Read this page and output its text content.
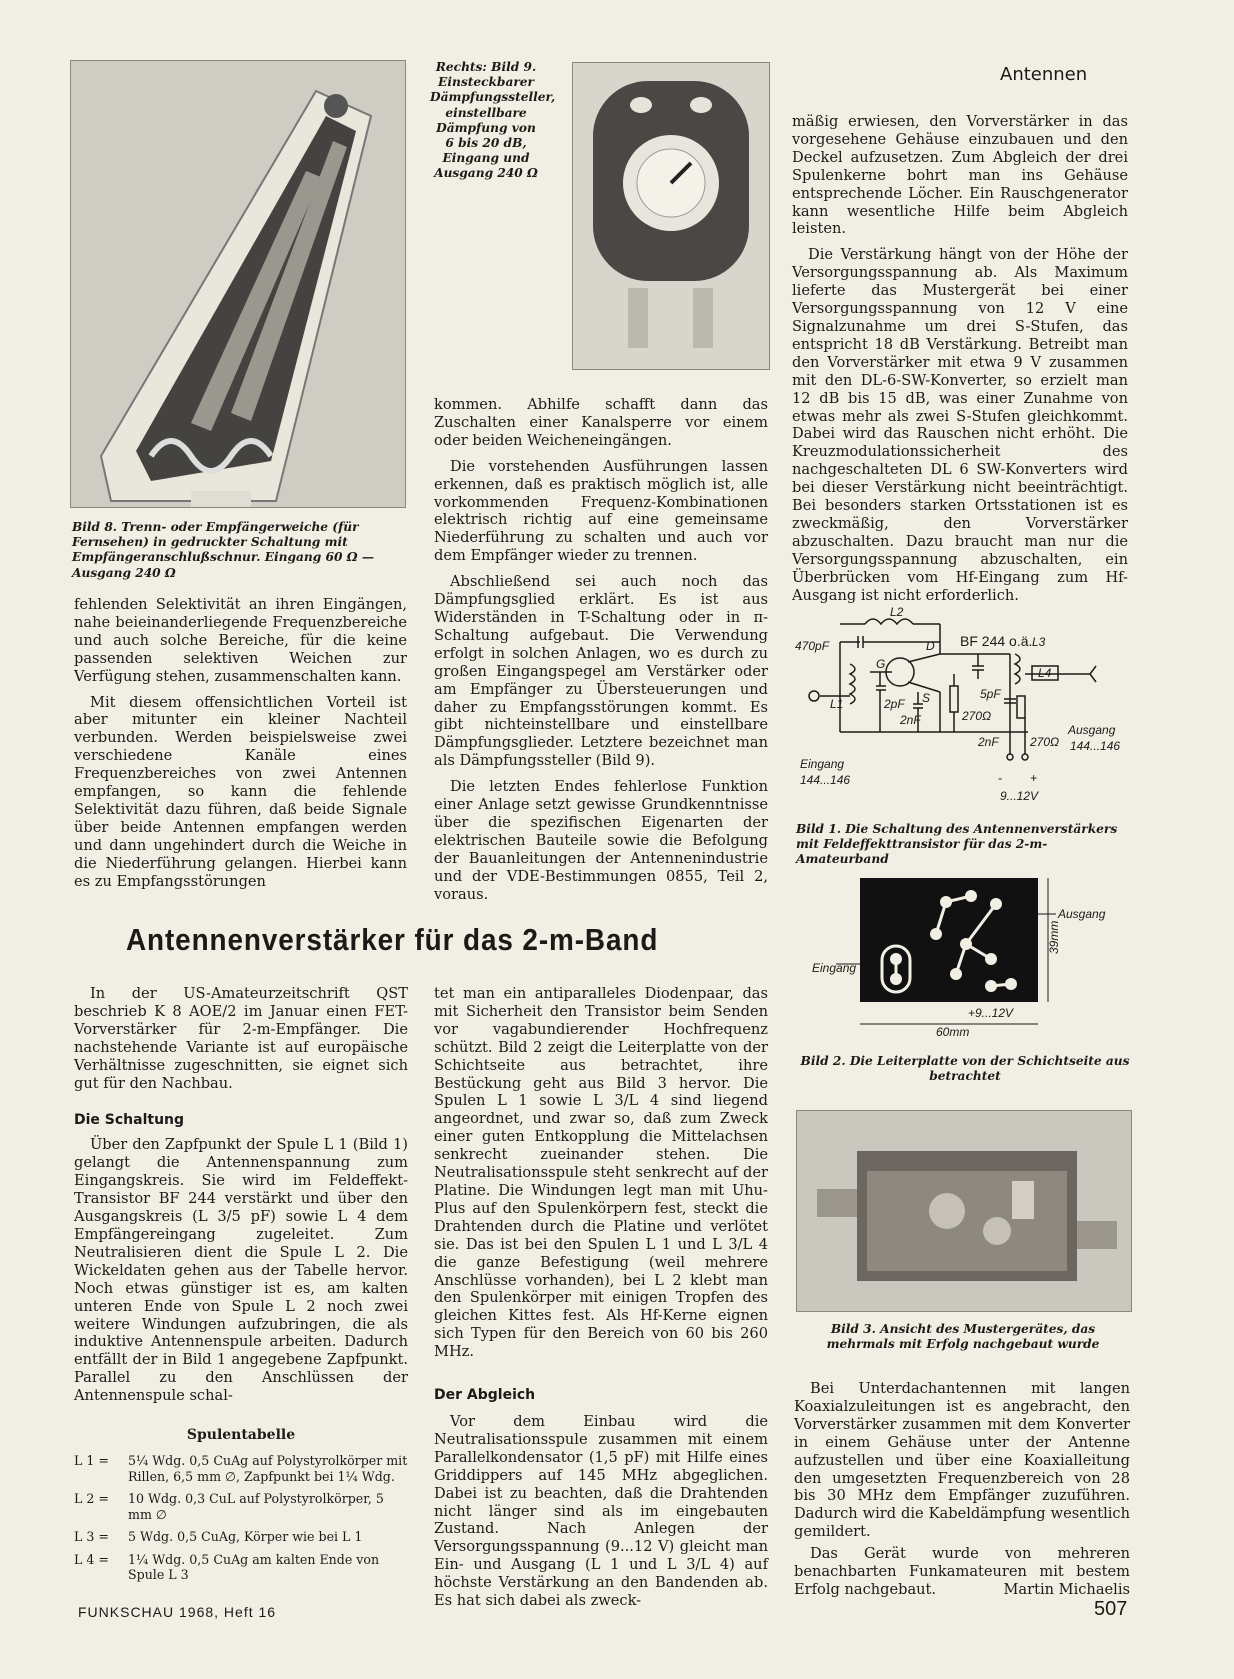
Antennen

Bild 8. Trenn- oder Empfängerweiche (für Fernsehen) in gedruckter Schaltung mit Empfängeranschlußschnur. Eingang 60 Ω — Ausgang 240 Ω

Rechts: Bild 9. Einsteckbarer Dämpfungssteller, einstellbare Dämpfung von 6 bis 20 dB, Eingang und Ausgang 240 Ω

fehlenden Selektivität an ihren Eingängen, nahe beieinanderliegende Frequenzbereiche und auch solche Bereiche, für die keine passenden selektiven Weichen zur Verfügung stehen, zusammenschalten kann.

Mit diesem offensichtlichen Vorteil ist aber mitunter ein kleiner Nachteil verbunden. Werden beispielsweise zwei verschiedene Kanäle eines Frequenzbereiches von zwei Antennen empfangen, so kann die fehlende Selektivität dazu führen, daß beide Signale über beide Antennen empfangen werden und dann ungehindert durch die Weiche in die Niederführung gelangen. Hierbei kann es zu Empfangsstörungen

kommen. Abhilfe schafft dann das Zuschalten einer Kanalsperre vor einem oder beiden Weicheneingängen.

Die vorstehenden Ausführungen lassen erkennen, daß es praktisch möglich ist, alle vorkommenden Frequenz-Kombinationen elektrisch richtig auf eine gemeinsame Niederführung zu schalten und auch vor dem Empfänger wieder zu trennen.

Abschließend sei auch noch das Dämpfungsglied erklärt. Es ist aus Widerständen in T-Schaltung oder in π-Schaltung aufgebaut. Die Verwendung erfolgt in solchen Anlagen, wo es durch zu großen Eingangspegel am Verstärker oder am Empfänger zu Übersteuerungen und daher zu Empfangsstörungen kommt. Es gibt nichteinstellbare und einstellbare Dämpfungsglieder. Letztere bezeichnet man als Dämpfungssteller (Bild 9).

Die letzten Endes fehlerlose Funktion einer Anlage setzt gewisse Grundkenntnisse über die spezifischen Eigenarten der elektrischen Bauteile sowie die Befolgung der Bauanleitungen der Antennenindustrie und der VDE-Bestimmungen 0855, Teil 2, voraus.

mäßig erwiesen, den Vorverstärker in das vorgesehene Gehäuse einzubauen und den Deckel aufzusetzen. Zum Abgleich der drei Spulenkerne bohrt man ins Gehäuse entsprechende Löcher. Ein Rauschgenerator kann wesentliche Hilfe beim Abgleich leisten.

Die Verstärkung hängt von der Höhe der Versorgungsspannung ab. Als Maximum lieferte das Mustergerät bei einer Versorgungsspannung von 12 V eine Signalzunahme um drei S-Stufen, das entspricht 18 dB Verstärkung. Betreibt man den Vorverstärker mit etwa 9 V zusammen mit den DL-6-SW-Konverter, so erzielt man 12 dB bis 15 dB, was einer Zunahme von etwas mehr als zwei S-Stufen gleichkommt. Dabei wird das Rauschen nicht erhöht. Die Kreuzmodulationssicherheit des nachgeschalteten DL 6 SW-Konverters wird bei dieser Verstärkung nicht beeinträchtigt. Bei besonders starken Ortsstationen ist es zweckmäßig, den Vorverstärker abzuschalten. Dazu braucht man nur die Versorgungsspannung abzuschalten, ein Überbrücken vom Hf-Eingang zum Hf-Ausgang ist nicht erforderlich.

470pF
L2
BF 244 o.ä.
G
D
S
L1	2pF
2nF	270Ω
5pF
L3
L4
2nF	270Ω
Ausgang
144...146
Eingang
144...146	- +
9...12V

Bild 1. Die Schaltung des Antennenverstärkers mit Feldeffekttransistor für das 2-m-Amateurband

Ausgang
Eingang
39mm
+9...12V
60mm

Bild 2. Die Leiterplatte von der Schichtseite aus betrachtet

Bild 3. Ansicht des Mustergerätes, das mehrmals mit Erfolg nachgebaut wurde

Antennenverstärker für das 2-m-Band

In der US-Amateurzeitschrift QST beschrieb K 8 AOE/2 im Januar einen FET-Vorverstärker für 2-m-Empfänger. Die nachstehende Variante ist auf europäische Verhältnisse zugeschnitten, sie eignet sich gut für den Nachbau.

Die Schaltung

Über den Zapfpunkt der Spule L 1 (Bild 1) gelangt die Antennenspannung zum Eingangskreis. Sie wird im Feldeffekt-Transistor BF 244 verstärkt und über den Ausgangskreis (L 3/5 pF) sowie L 4 dem Empfängereingang zugeleitet. Zum Neutralisieren dient die Spule L 2. Die Wickeldaten gehen aus der Tabelle hervor. Noch etwas günstiger ist es, am kalten unteren Ende von Spule L 2 noch zwei weitere Windungen aufzubringen, die als induktive Antennenspule arbeiten. Dadurch entfällt der in Bild 1 angegebene Zapfpunkt. Parallel zu den Anschlüssen der Antennenspule schal-

Spulentabelle

L 1 =	5¼ Wdg. 0,5 CuAg auf Polystyrolkörper mit Rillen, 6,5 mm ∅, Zapfpunkt bei 1¼ Wdg.
L 2 =	10 Wdg. 0,3 CuL auf Polystyrolkörper, 5 mm ∅
L 3 =	5 Wdg. 0,5 CuAg, Körper wie bei L 1
L 4 =	1¼ Wdg. 0,5 CuAg am kalten Ende von Spule L 3

tet man ein antiparalleles Diodenpaar, das mit Sicherheit den Transistor beim Senden vor vagabundierender Hochfrequenz schützt. Bild 2 zeigt die Leiterplatte von der Schichtseite aus betrachtet, ihre Bestückung geht aus Bild 3 hervor. Die Spulen L 1 sowie L 3/L 4 sind liegend angeordnet, und zwar so, daß zum Zweck einer guten Entkopplung die Mittelachsen senkrecht zueinander stehen. Die Neutralisationsspule steht senkrecht auf der Platine. Die Windungen legt man mit Uhu-Plus auf den Spulenkörpern fest, steckt die Drahtenden durch die Platine und verlötet sie. Das ist bei den Spulen L 1 und L 3/L 4 die ganze Befestigung (weil mehrere Anschlüsse vorhanden), bei L 2 klebt man den Spulenkörper mit einigen Tropfen des gleichen Kittes fest. Als Hf-Kerne eignen sich Typen für den Bereich von 60 bis 260 MHz.

Der Abgleich

Vor dem Einbau wird die Neutralisationsspule zusammen mit einem Parallelkondensator (1,5 pF) mit Hilfe eines Griddippers auf 145 MHz abgeglichen. Dabei ist zu beachten, daß die Drahtenden nicht länger sind als im eingebauten Zustand. Nach Anlegen der Versorgungsspannung (9...12 V) gleicht man Ein- und Ausgang (L 1 und L 3/L 4) auf höchste Verstärkung an den Bandenden ab. Es hat sich dabei als zweck-

Bei Unterdachantennen mit langen Koaxialzuleitungen ist es angebracht, den Vorverstärker zusammen mit dem Konverter in einem Gehäuse unter der Antenne aufzustellen und über eine Koaxialleitung den umgesetzten Frequenzbereich von 28 bis 30 MHz dem Empfänger zuzuführen. Dadurch wird die Kabeldämpfung wesentlich gemildert.

Das Gerät wurde von mehreren benachbarten Funkamateuren mit bestem Erfolg nachgebaut.	Martin Michaelis

FUNKSCHAU 1968, Heft 16	507
